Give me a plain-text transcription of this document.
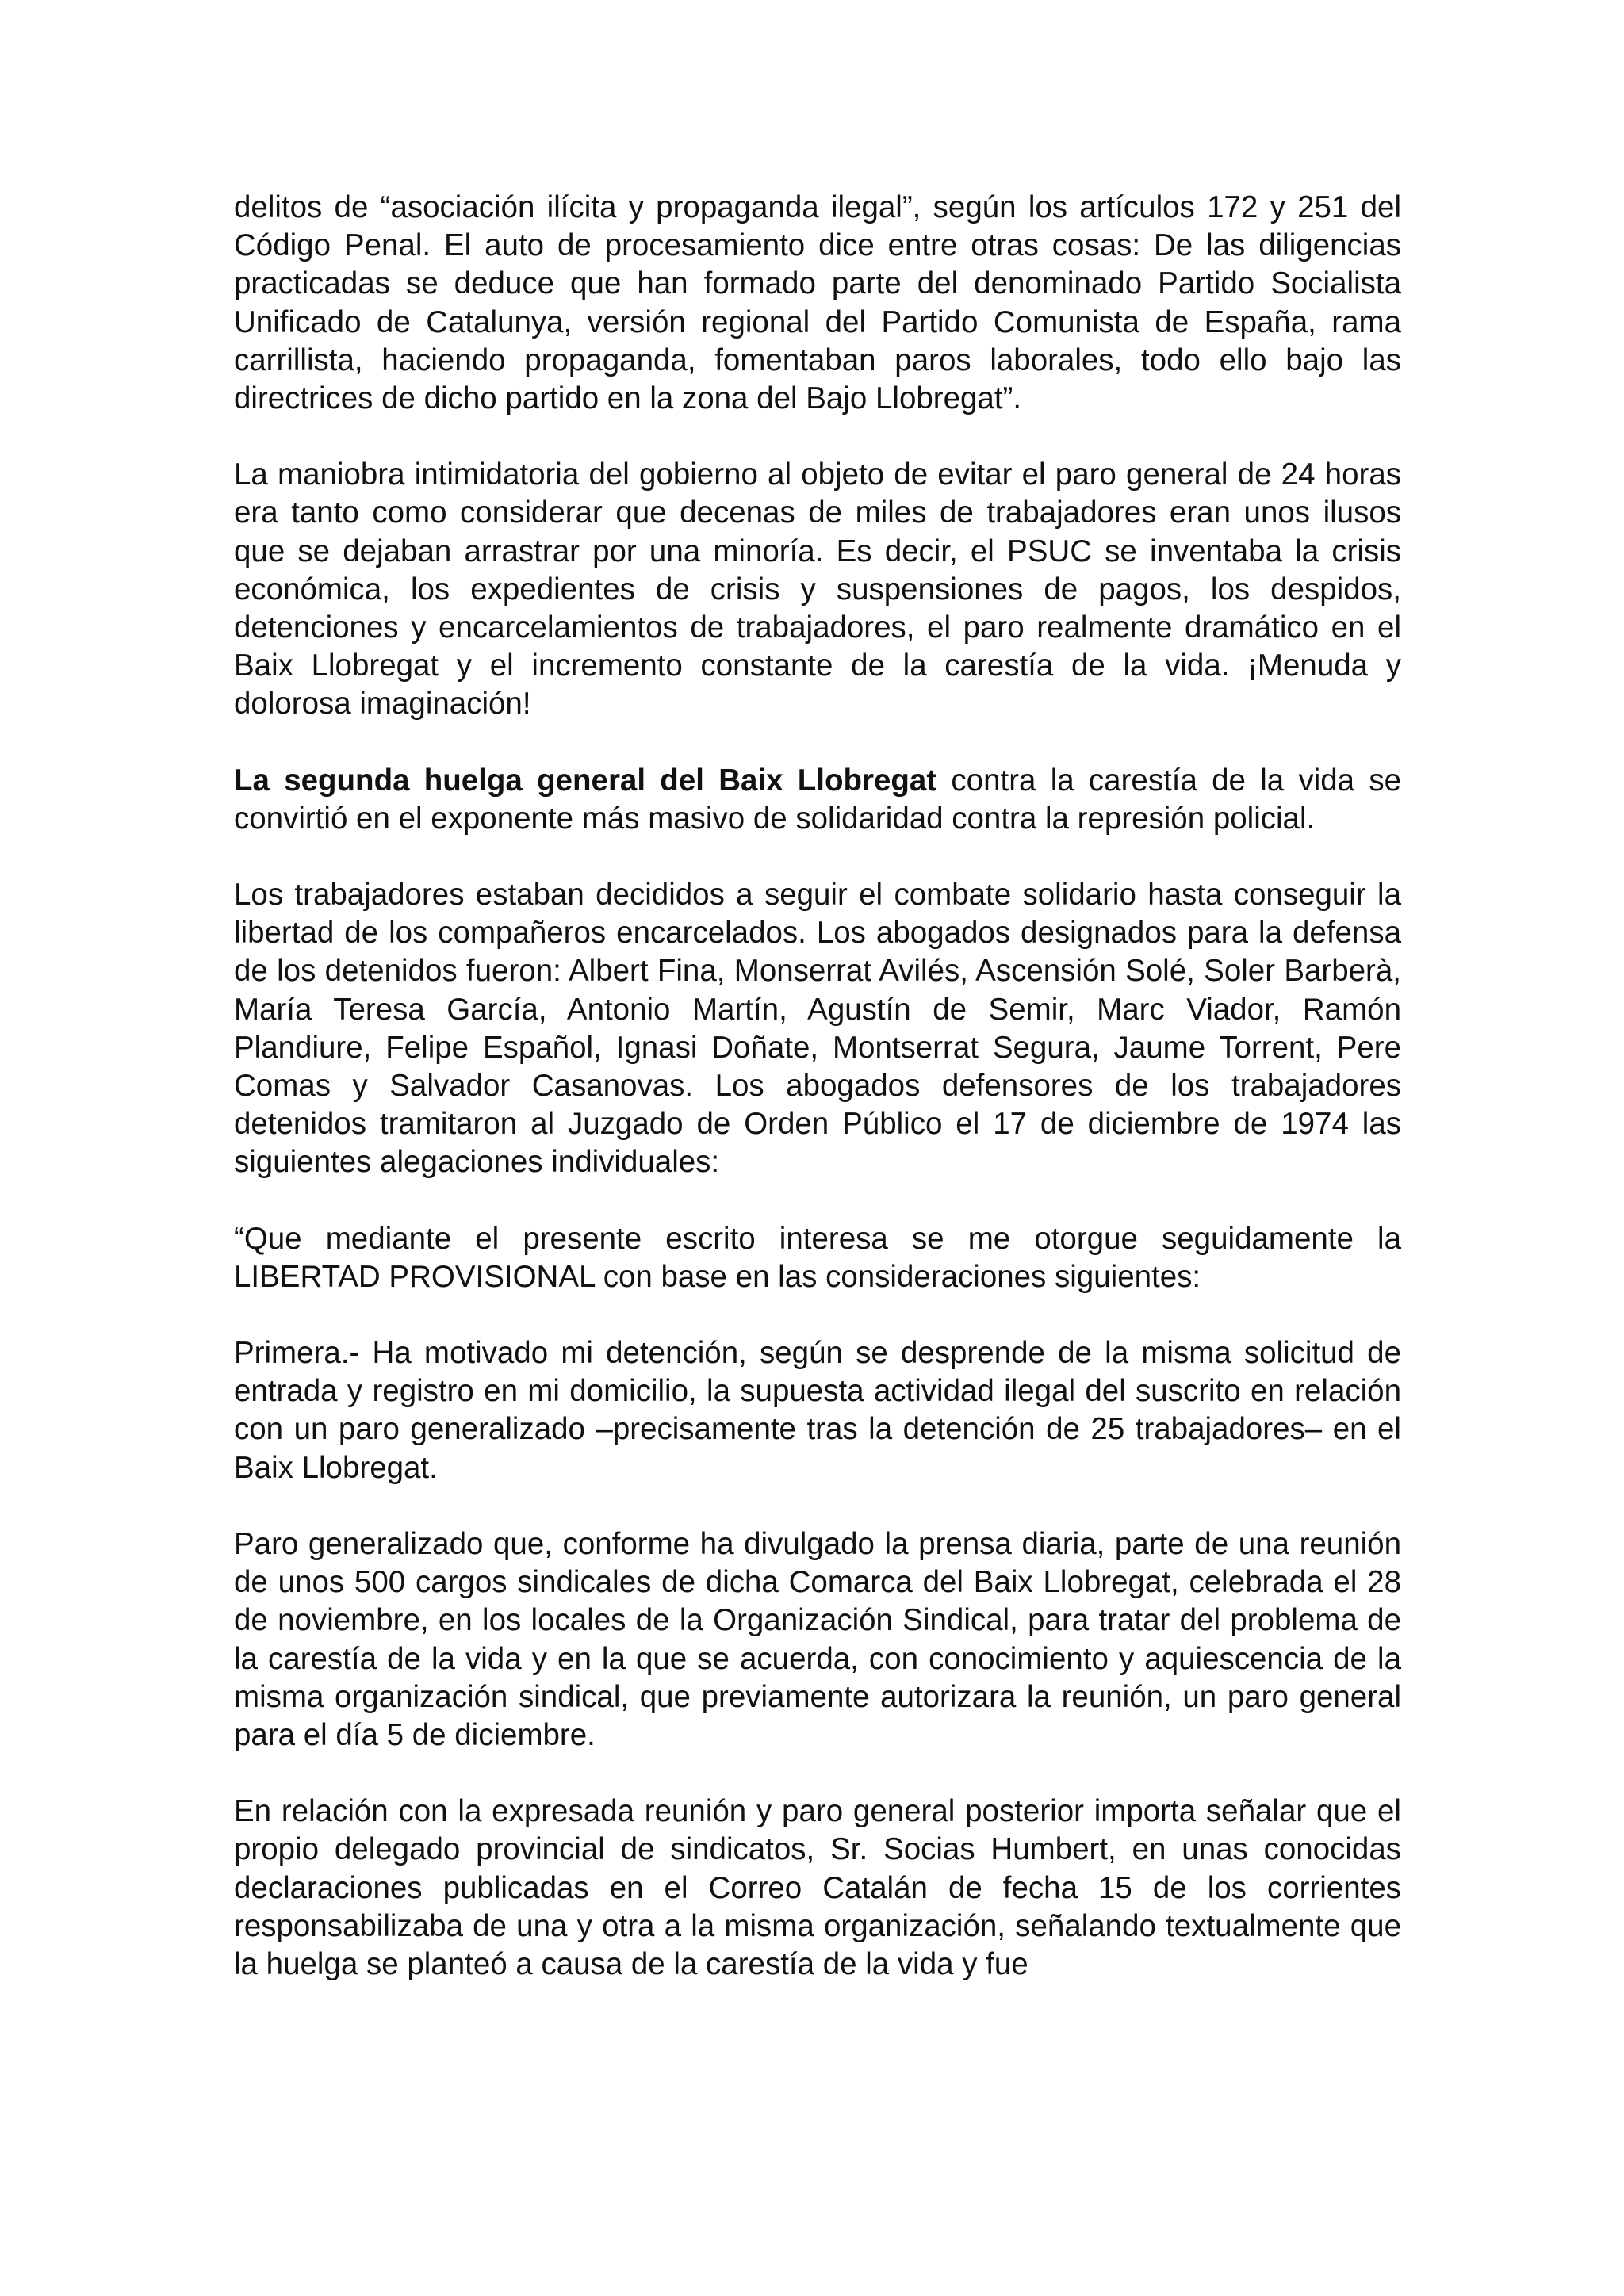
delitos de “asociación ilícita y propaganda ilegal”, según los artículos 172 y 251 del Código Penal. El auto de procesamiento dice entre otras cosas: De las diligencias practicadas se deduce que han formado parte del denominado Partido Socialista Unificado de Catalunya, versión regional del Partido Comunista de España, rama carrillista, haciendo propaganda, fomentaban paros laborales, todo ello bajo las directrices de dicho partido en la zona del Bajo Llobregat”.

La maniobra intimidatoria del gobierno al objeto de evitar el paro general de 24 horas era tanto como considerar que decenas de miles de trabajadores eran unos ilusos que se dejaban arrastrar por una minoría. Es decir, el PSUC se inventaba la crisis económica, los expedientes de crisis y suspensiones de pagos, los despidos, detenciones y encarcelamientos de trabajadores, el paro realmente dramático en el Baix Llobregat y el incremento constante de la carestía de la vida. ¡Menuda y dolorosa imaginación!

La segunda huelga general del Baix Llobregat contra la carestía de la vida se convirtió en el exponente más masivo de solidaridad contra la represión policial.

Los trabajadores estaban decididos a seguir el combate solidario hasta conseguir la libertad de los compañeros encarcelados. Los abogados designados para la defensa de los detenidos fueron: Albert Fina, Monserrat Avilés, Ascensión Solé, Soler Barberà, María Teresa García, Antonio Martín, Agustín de Semir, Marc Viador, Ramón Plandiure, Felipe Español, Ignasi Doñate, Montserrat Segura, Jaume Torrent, Pere Comas y Salvador Casanovas. Los abogados defensores de los trabajadores detenidos tramitaron al Juzgado de Orden Público el 17 de diciembre de 1974 las siguientes alegaciones individuales:

“Que mediante el presente escrito interesa se me otorgue seguidamente la LIBERTAD PROVISIONAL con base en las consideraciones siguientes:

Primera.- Ha motivado mi detención, según se desprende de la misma solicitud de entrada y registro en mi domicilio, la supuesta actividad ilegal del suscrito en relación con un paro generalizado –precisamente tras la detención de 25 trabajadores– en el Baix Llobregat.

Paro generalizado que, conforme ha divulgado la prensa diaria, parte de una reunión de unos 500 cargos sindicales de dicha Comarca del Baix Llobregat, celebrada el 28 de noviembre, en los locales de la Organización Sindical, para tratar del problema de la carestía de la vida y en la que se acuerda, con conocimiento y aquiescencia de la misma organización sindical, que previamente autorizara la reunión, un paro general para el día 5 de diciembre.

En relación con la expresada reunión y paro general posterior importa señalar que el propio delegado provincial de sindicatos, Sr. Socias Humbert, en unas conocidas declaraciones publicadas en el Correo Catalán de fecha 15 de los corrientes responsabilizaba de una y otra a la misma organización, señalando textualmente que la huelga se planteó a causa de la carestía de la vida y fue
